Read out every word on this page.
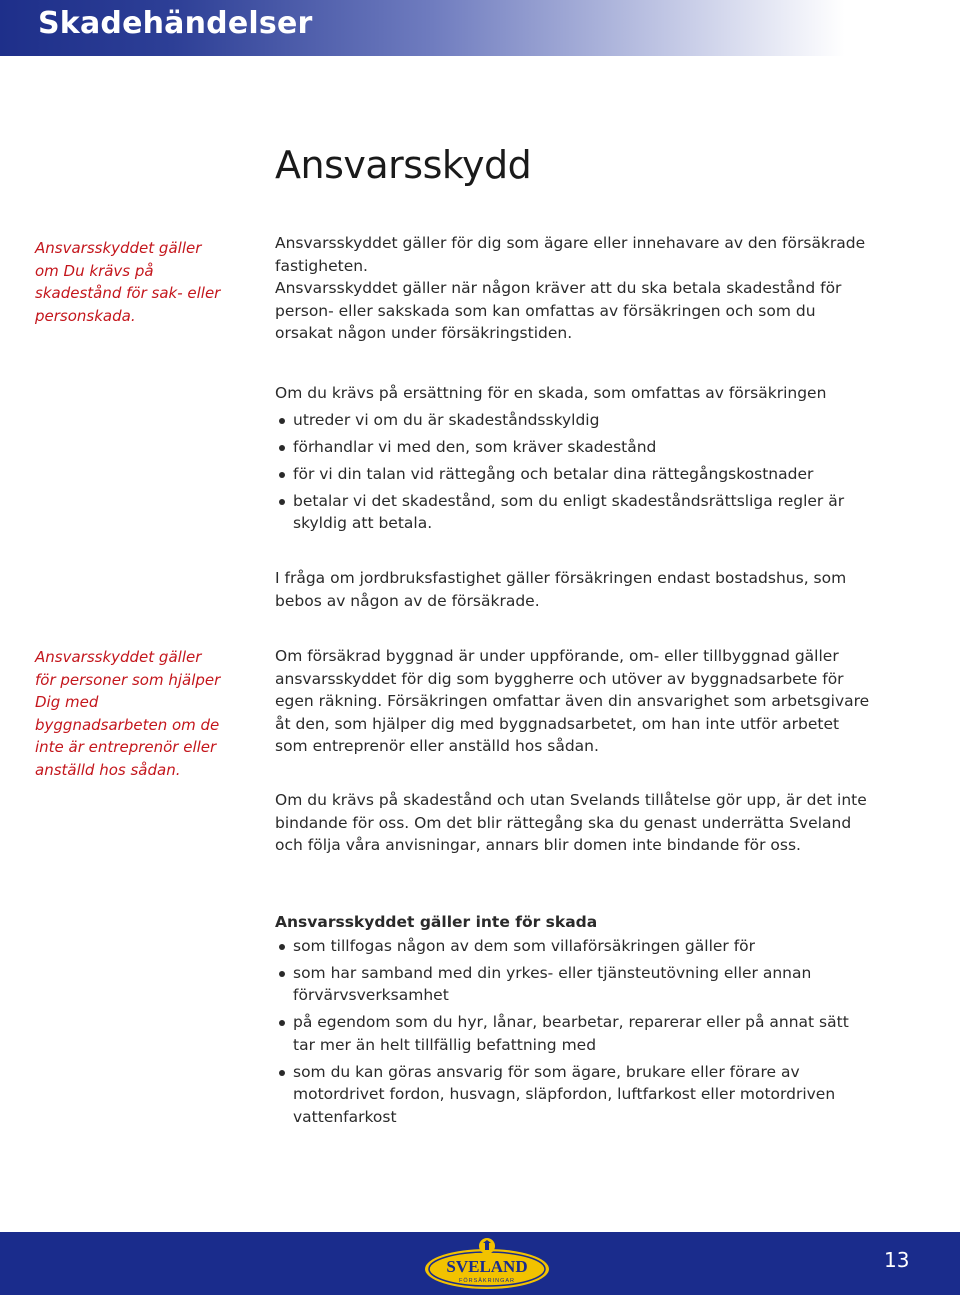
Skadehändelser
Ansvarsskydd

Ansvarsskyddet gäller om Du krävs på skadestånd för sak- eller personskada.

Ansvarsskyddet gäller för dig som ägare eller innehavare av den försäkrade fastigheten.

Ansvarsskyddet gäller när någon kräver att du ska betala skadestånd för person- eller sakskada som kan omfattas av försäkringen och som du orsakat någon under försäkringstiden.

Om du krävs på ersättning för en skada, som omfattas av försäkringen

utreder vi om du är skadeståndsskyldig
förhandlar vi med den, som kräver skadestånd
för vi din talan vid rättegång och betalar dina rättegångskostnader
betalar vi det skadestånd, som du enligt skadeståndsrättsliga regler är skyldig att betala.

I fråga om jordbruksfastighet gäller försäkringen endast bostadshus, som bebos av någon av de försäkrade.

Ansvarsskyddet gäller för personer som hjälper Dig med byggnadsarbeten om de inte är entreprenör eller anställd hos sådan.

Om försäkrad byggnad är under uppförande, om- eller tillbyggnad gäller ansvarsskyddet för dig som byggherre och utöver av byggnadsarbete för egen räkning. Försäkringen omfattar även din ansvarighet som arbetsgivare åt den, som hjälper dig med byggnadsarbetet, om han inte utför arbetet som entreprenör eller anställd hos sådan.

Om du krävs på skadestånd och utan Svelands tillåtelse gör upp, är det inte bindande för oss. Om det blir rättegång ska du genast underrätta Sveland och följa våra anvisningar, annars blir domen inte bindande för oss.

Ansvarsskyddet gäller inte för skada

som tillfogas någon av dem som villaförsäkringen gäller för
som har samband med din yrkes- eller tjänsteutövning eller annan förvärvsverksamhet
på egendom som du hyr, lånar, bearbetar, reparerar eller på annat sätt tar mer än helt tillfällig befattning med
som du kan göras ansvarig för som ägare, brukare eller förare av motordrivet fordon, husvagn, släpfordon, luftfarkost eller motordriven vattenfarkost
SVELAND
FÖRSÄKRINGAR
13
